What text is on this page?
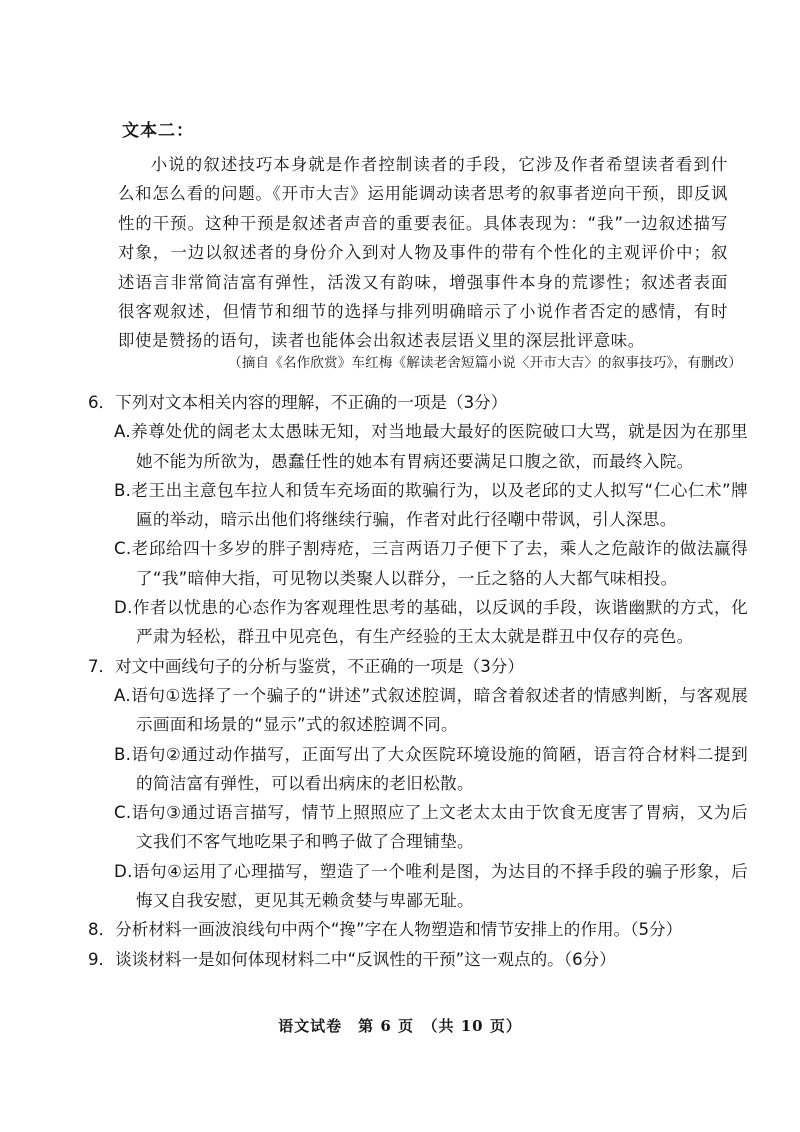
文本二：
小说的叙述技巧本身就是作者控制读者的手段，它涉及作者希望读者看到什么和怎么看的问题。《开市大吉》运用能调动读者思考的叙事者逆向干预，即反讽性的干预。这种干预是叙述者声音的重要表征。具体表现为：“我”一边叙述描写对象，一边以叙述者的身份介入到对人物及事件的带有个性化的主观评价中；叙述语言非常简洁富有弹性，活泼又有韵味，增强事件本身的荒谬性；叙述者表面很客观叙述，但情节和细节的选择与排列明确暗示了小说作者否定的感情，有时即使是赞扬的语句，读者也能体会出叙述表层语义里的深层批评意味。
（摘自《名作欣赏》车红梅《解读老舍短篇小说〈开市大吉〉的叙事技巧》，有删改）

6．下列对文本相关内容的理解，不正确的一项是（3分）

A.养尊处优的阔老太太愚昧无知，对当地最大最好的医院破口大骂，就是因为在那里她不能为所欲为，愚蠢任性的她本有胃病还要满足口腹之欲，而最终入院。

B.老王出主意包车拉人和赁车充场面的欺骗行为，以及老邱的丈人拟写“仁心仁术”牌匾的举动，暗示出他们将继续行骗，作者对此行径嘲中带讽，引人深思。

C.老邱给四十多岁的胖子割痔疮，三言两语刀子便下了去，乘人之危敲诈的做法赢得了“我”暗伸大指，可见物以类聚人以群分，一丘之貉的人大都气味相投。

D.作者以忧患的心态作为客观理性思考的基础，以反讽的手段，诙谐幽默的方式，化严肃为轻松，群丑中见亮色，有生产经验的王太太就是群丑中仅存的亮色。

7．对文中画线句子的分析与鉴赏，不正确的一项是（3分）

A.语句①选择了一个骗子的“讲述”式叙述腔调，暗含着叙述者的情感判断，与客观展示画面和场景的“显示”式的叙述腔调不同。

B.语句②通过动作描写，正面写出了大众医院环境设施的简陋，语言符合材料二提到的简洁富有弹性，可以看出病床的老旧松散。

C.语句③通过语言描写，情节上照照应了上文老太太由于饮食无度害了胃病，又为后文我们不客气地吃果子和鸭子做了合理铺垫。

D.语句④运用了心理描写，塑造了一个唯利是图，为达目的不择手段的骗子形象，后悔又自我安慰，更见其无赖贪婪与卑鄙无耻。

8．分析材料一画波浪线句中两个“搀”字在人物塑造和情节安排上的作用。（5分）

9．谈谈材料一是如何体现材料二中“反讽性的干预”这一观点的。（6分）

语文试卷　第 6 页　（共 10 页）
